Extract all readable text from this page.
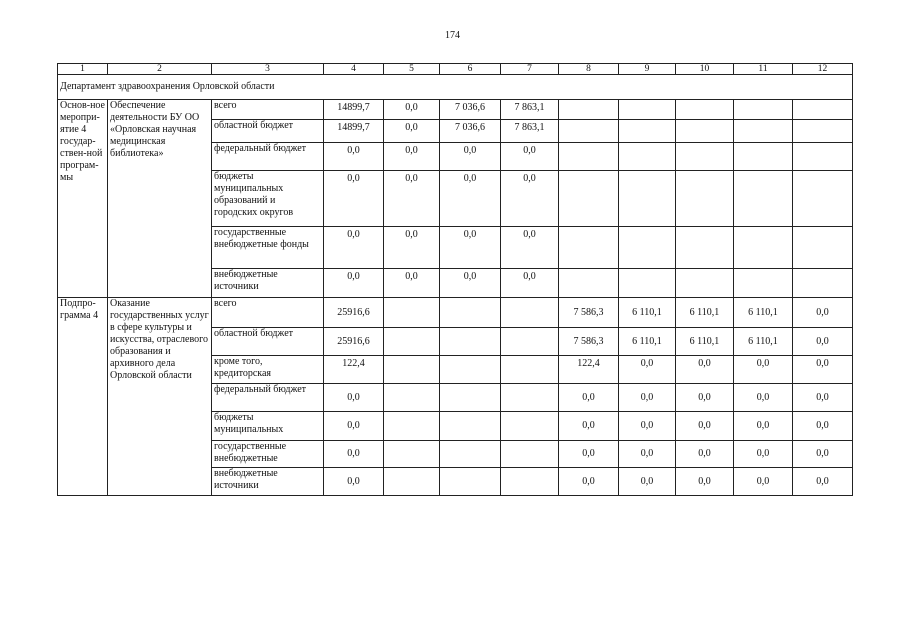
174
1	2	3	4	5	6	7	8	9	10	11	12
Департамент здравоохранения Орловской области											
Основ-ное меропри-ятие 4 государ-ствен-ной програм-мы	Обеспечение деятельности БУ ОО «Орловская научная медицинская библиотека»	всего	14899,7	0,0	7 036,6	7 863,1					
		областной бюджет	14899,7	0,0	7 036,6	7 863,1					
		федеральный бюджет	0,0	0,0	0,0	0,0					
		бюджеты муниципальных образований и городских округов	0,0	0,0	0,0	0,0					
		государственные внебюджетные фонды	0,0	0,0	0,0	0,0					
		внебюджетные источники	0,0	0,0	0,0	0,0					
Подпро-грамма 4	Оказание государственных услуг в сфере культуры и искусства, отраслевого образования и архивного дела Орловской области	всего	25916,6				7 586,3	6 110,1	6 110,1	6 110,1	0,0
		областной бюджет	25916,6				7 586,3	6 110,1	6 110,1	6 110,1	0,0
		кроме того, кредиторская	122,4				122,4	0,0	0,0	0,0	0,0
		федеральный бюджет	0,0				0,0	0,0	0,0	0,0	0,0
		бюджеты муниципальных	0,0				0,0	0,0	0,0	0,0	0,0
		государственные внебюджетные	0,0				0,0	0,0	0,0	0,0	0,0
		внебюджетные источники	0,0				0,0	0,0	0,0	0,0	0,0
